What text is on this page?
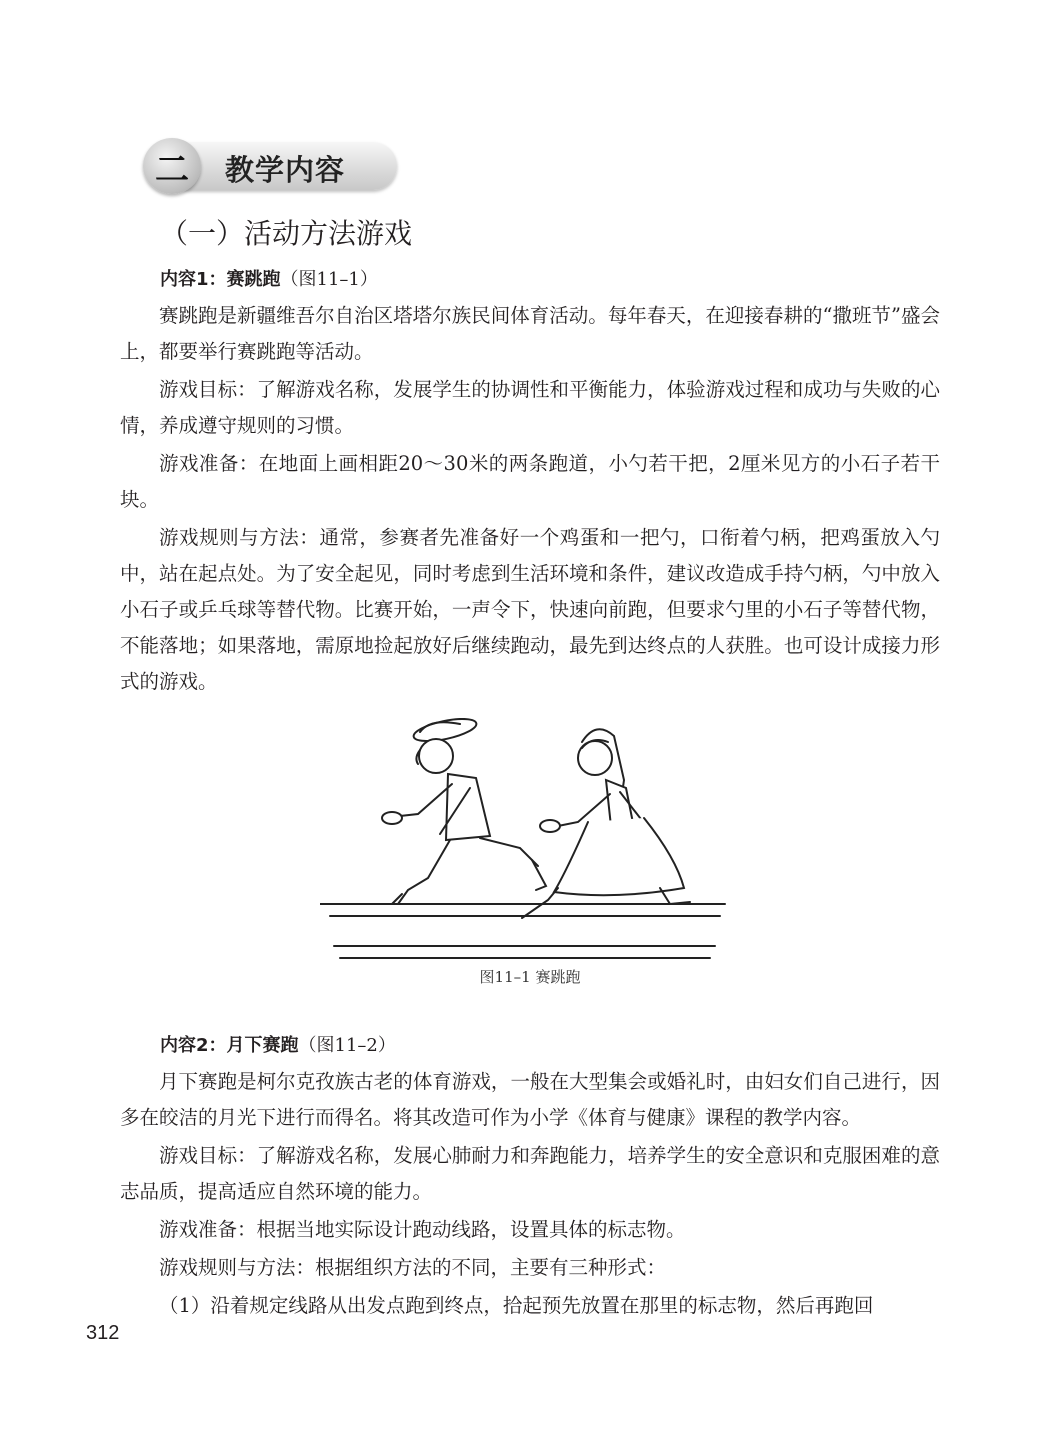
二	教学内容
（一）活动方法游戏

内容1：赛跳跑（图11–1）

赛跳跑是新疆维吾尔自治区塔塔尔族民间体育活动。每年春天，在迎接春耕的“撒班节”盛会上，都要举行赛跳跑等活动。

游戏目标：了解游戏名称，发展学生的协调性和平衡能力，体验游戏过程和成功与失败的心情，养成遵守规则的习惯。

游戏准备：在地面上画相距20～30米的两条跑道，小勺若干把，2厘米见方的小石子若干块。

游戏规则与方法：通常，参赛者先准备好一个鸡蛋和一把勺，口衔着勺柄，把鸡蛋放入勺中，站在起点处。为了安全起见，同时考虑到生活环境和条件，建议改造成手持勺柄，勺中放入小石子或乒乓球等替代物。比赛开始，一声令下，快速向前跑，但要求勺里的小石子等替代物，不能落地；如果落地，需原地捡起放好后继续跑动，最先到达终点的人获胜。也可设计成接力形式的游戏。

图11–1 赛跳跑

内容2：月下赛跑（图11–2）

月下赛跑是柯尔克孜族古老的体育游戏，一般在大型集会或婚礼时，由妇女们自己进行，因多在皎洁的月光下进行而得名。将其改造可作为小学《体育与健康》课程的教学内容。

游戏目标：了解游戏名称，发展心肺耐力和奔跑能力，培养学生的安全意识和克服困难的意志品质，提高适应自然环境的能力。

游戏准备：根据当地实际设计跑动线路，设置具体的标志物。

游戏规则与方法：根据组织方法的不同，主要有三种形式：

（1）沿着规定线路从出发点跑到终点，拾起预先放置在那里的标志物，然后再跑回

312
